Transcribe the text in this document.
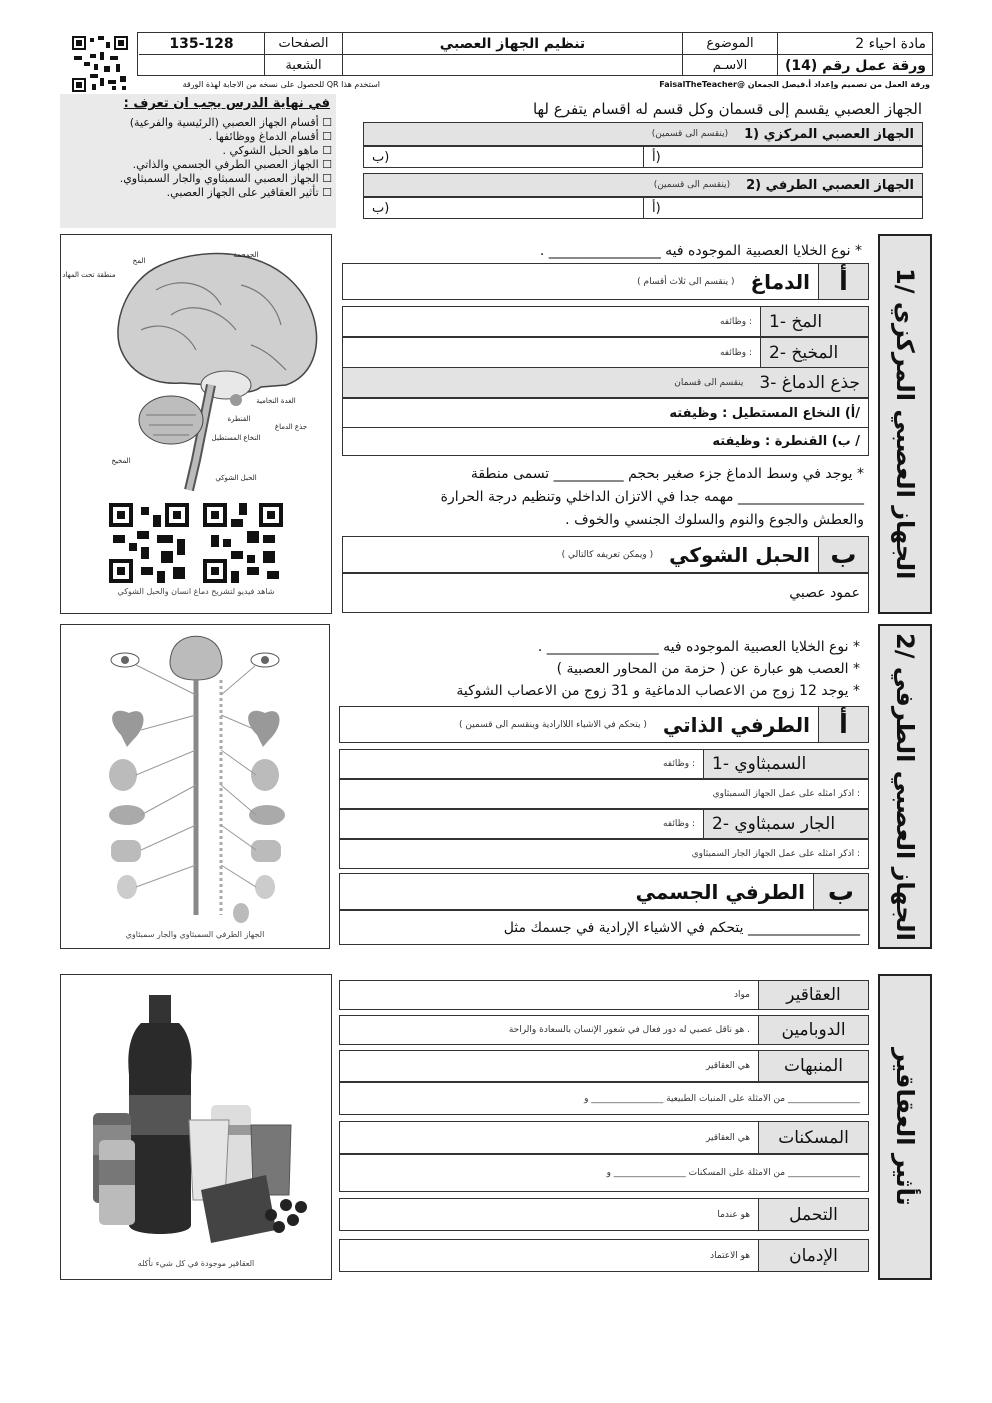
مادة احياء 2
ورقة عمل رقم (14)
الموضوع
الاسـم
تنظيم الجهاز العصبي
الصفحات
الشعبة
135-128
ورقة العمل من تصميم وإعداد أ.فيصل الجمعان @FaisalTheTeacher
استخدم هذا QR للحصول على نسخه من الاجابة لهذة الورقة
في نهاية الدرس يجب ان تعرف :
☐ أقسام الجهاز العصبي (الرئيسية والفرعية)
☐ أقسام الدماغ ووظائفها .
☐ ماهو الحبل الشوكي .
☐ الجهاز العصبي الطرفي الجسمي والذاتي.
☐ الجهاز العصبي السمبثاوي والجار السمبثاوي.
☐ تأثير العقاقير على الجهاز العصبي.
الجهاز العصبي يقسم إلى قسمان وكل قسم له اقسام يتفرع لها
1) الجهاز العصبي المركزي
(ينقسم الى قسمين)
أ)
ب)
2) الجهاز العصبي الطرفي
(ينقسم الى قسمين)
أ)
ب)
1/ الجهاز العصبي المركزي
* نوع الخلايا العصبية الموجوده فيه ________________ .
أ
الدماغ
( ينقسم الى ثلاث أقسام )
1- المخ
وظائفه :
2- المخيخ
وظائفه :
3- جذع الدماغ
ينقسم الى قسمان
أ) النخاع المستطيل : وظيفته/
ب) القنطرة : وظيفته /
* يوجد في وسط الدماغ جزء صغير بحجم __________ تسمى منطقة
__________________ مهمه جدا في الاتزان الداخلي وتنظيم درجة الحرارة
والعطش والجوع والنوم والسلوك الجنسي والخوف .
ب
الحبل الشوكي
( ويمكن تعريفه كالتالي )
عمود عصبي
الجمجمة
المخ
منطقة تحت المهاد
الغدة النخامية
القنطرة
جذع الدماغ
النخاع المستطيل
المخيخ
الحبل الشوكي
شاهد فيديو لتشريح دماغ انسان والحبل الشوكي
2/ الجهاز العصبي الطرفي
* نوع الخلايا العصبية الموجوده فيه ________________ .
* العصب هو عبارة عن ( حزمة من المحاور العصبية )
* يوجد 12 زوج من الاعصاب الدماغية و 31 زوج من الاعصاب الشوكية
أ
الطرفي الذاتي
( يتحكم في الاشياء اللاارادية وينقسم الى قسمين )
1- السمبثاوي
وظائفه :
اذكر امثله على عمل الجهاز السمبثاوي :
2- الجار سمبثاوي
وظائفه :
اذكر امثله على عمل الجهاز الجار السمبثاوي :
ب
الطرفي الجسمي
يتحكم في الاشياء الإرادية في جسمك مثل ________________
الجهاز الطرفي السمبثاوي والجار سمبثاوي
تأثير العقاقير
العقاقير
مواد
الدوبامين
هو ناقل عصبي له دور فعال في شعور الإنسان بالسعادة والراحة .
المنبهات
هي العقاقير
من الامثلة على المنبات الطبيعية ________________ و ________________
المسكنات
هي العقاقير
من الامثلة على المسكنات ________________ و ________________
التحمل
هو عندما
الإدمان
هو الاعتماد
العقاقير موجودة في كل شيء نأكله
